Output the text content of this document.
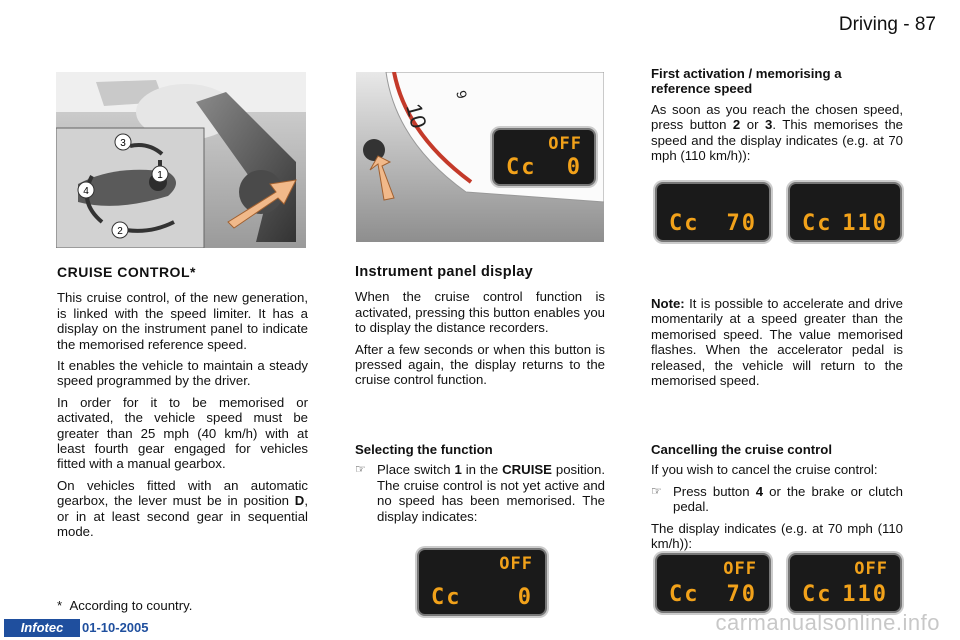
Driving - 87
3
1
4
2
10
9
OFF
Cc 0
CRUISE CONTROL*

This cruise control, of the new generation, is linked with the speed limiter. It has a display on the instrument panel to indicate the memorised reference speed.

It enables the vehicle to maintain a steady speed programmed by the driver.

In order for it to be memorised or activated, the vehicle speed must be greater than 25 mph (40 km/h) with at least fourth gear engaged for vehicles fitted with a manual gearbox.

On vehicles fitted with an automatic gearbox, the lever must be in position D, or in at least second gear in sequential mode.

* According to country.
Instrument panel display

When the cruise control function is activated, pressing this button enables you to display the distance recorders.

After a few seconds or when this button is pressed again, the display returns to the cruise control function.

Selecting the function
☞ Place switch 1 in the CRUISE position. The cruise control is not yet active and no speed has been memorised. The display indicates:
OFF
Cc	0
First activation / memorising a reference speed

As soon as you reach the chosen speed, press button 2 or 3. This memorises the speed and the display indicates (e.g. at 70 mph (110 km/h)):

Cc 70 Cc 110

Note: It is possible to accelerate and drive momentarily at a speed greater than the memorised speed. The value memorised flashes. When the accelerator pedal is released, the vehicle will return to the memorised speed.

Cancelling the cruise control

If you wish to cancel the cruise control:

☞ Press button 4 or the brake or clutch pedal.

The display indicates (e.g. at 70 mph (110 km/h)):

OFF
Cc 70
OFF
Cc 110
Infotec	01-10-2005	carmanualsonline.info
